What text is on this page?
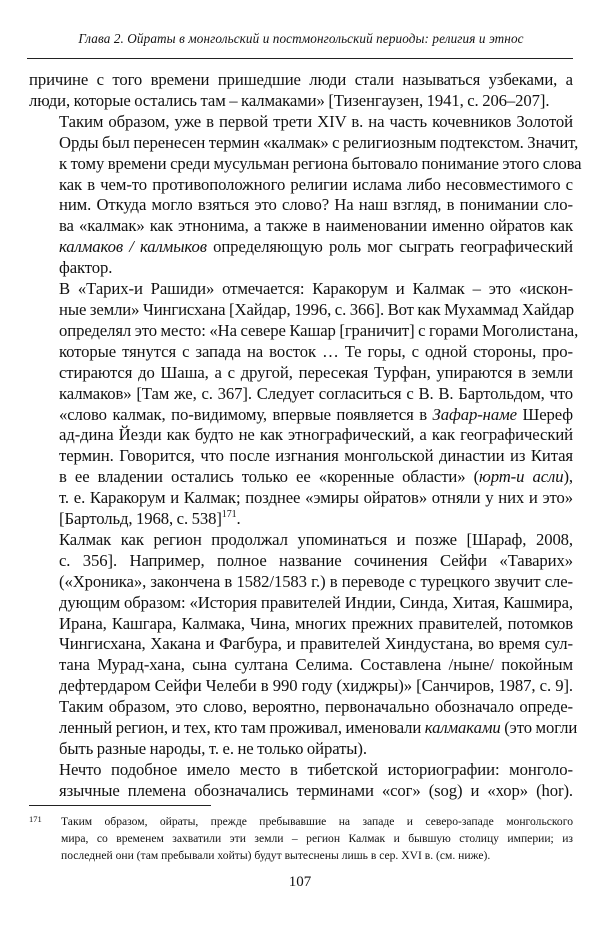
Глава 2. Ойраты в монгольский и постмонгольский периоды: религия и этнос

причине с того времени пришедшие люди стали называться узбеками, а
люди, которые остались там – калмаками» [Тизенгаузен, 1941, с. 206–207].

Таким образом, уже в первой трети XIV в. на часть кочевников Золотой
Орды был перенесен термин «калмак» с религиозным подтекстом. Значит,
к тому времени среди мусульман региона бытовало понимание этого слова
как в чем-то противоположного религии ислама либо несовместимого с
ним. Откуда могло взяться это слово? На наш взгляд, в понимании сло-
ва «калмак» как этнонима, а также в наименовании именно ойратов как
калмаков / калмыков определяющую роль мог сыграть географический
фактор.

В «Тарих-и Рашиди» отмечается: Каракорум и Калмак – это «искон-
ные земли» Чингисхана [Хайдар, 1996, с. 366]. Вот как Мухаммад Хайдар
определял это место: «На севере Кашар [граничит] с горами Моголистана,
которые тянутся с запада на восток … Те горы, с одной стороны, про-
стираются до Шаша, а с другой, пересекая Турфан, упираются в земли
калмаков» [Там же, с. 367]. Следует согласиться с В. В. Бартольдом, что
«слово калмак, по-видимому, впервые появляется в Зафар-наме Шереф
ад-дина Йезди как будто не как этнографический, а как географический
термин. Говорится, что после изгнания монгольской династии из Китая
в ее владении остались только ее «коренные области» (юрт-и асли),
т. е. Каракорум и Калмак; позднее «эмиры ойратов» отняли у них и это»
[Бартольд, 1968, с. 538]$^{171}$.

Калмак как регион продолжал упоминаться и позже [Шараф, 2008,
с. 356]. Например, полное название сочинения Сейфи «Таварих»
(«Хроника», закончена в 1582/1583 г.) в переводе с турецкого звучит сле-
дующим образом: «История правителей Индии, Синда, Хитая, Кашмира,
Ирана, Кашгара, Калмака, Чина, многих прежних правителей, потомков
Чингисхана, Хакана и Фагбура, и правителей Хиндустана, во время сул-
тана Мурад-хана, сына султана Селима. Составлена /ныне/ покойным
дефтердаром Сейфи Челеби в 990 году (хиджры)» [Санчиров, 1987, с. 9].
Таким образом, это слово, вероятно, первоначально обозначало опреде-
ленный регион, и тех, кто там проживал, именовали калмаками (это могли
быть разные народы, т. е. не только ойраты).

Нечто подобное имело место в тибетской историографии: монголо-
язычные племена обозначались терминами «сог» (sog) и «хор» (hor).

171 Таким образом, ойраты, прежде пребывавшие на западе и северо-западе монгольского
мира, со временем захватили эти земли – регион Калмак и бывшую столицу империи; из
последней они (там пребывали хойты) будут вытеснены лишь в сер. XVI в. (см. ниже).
107
